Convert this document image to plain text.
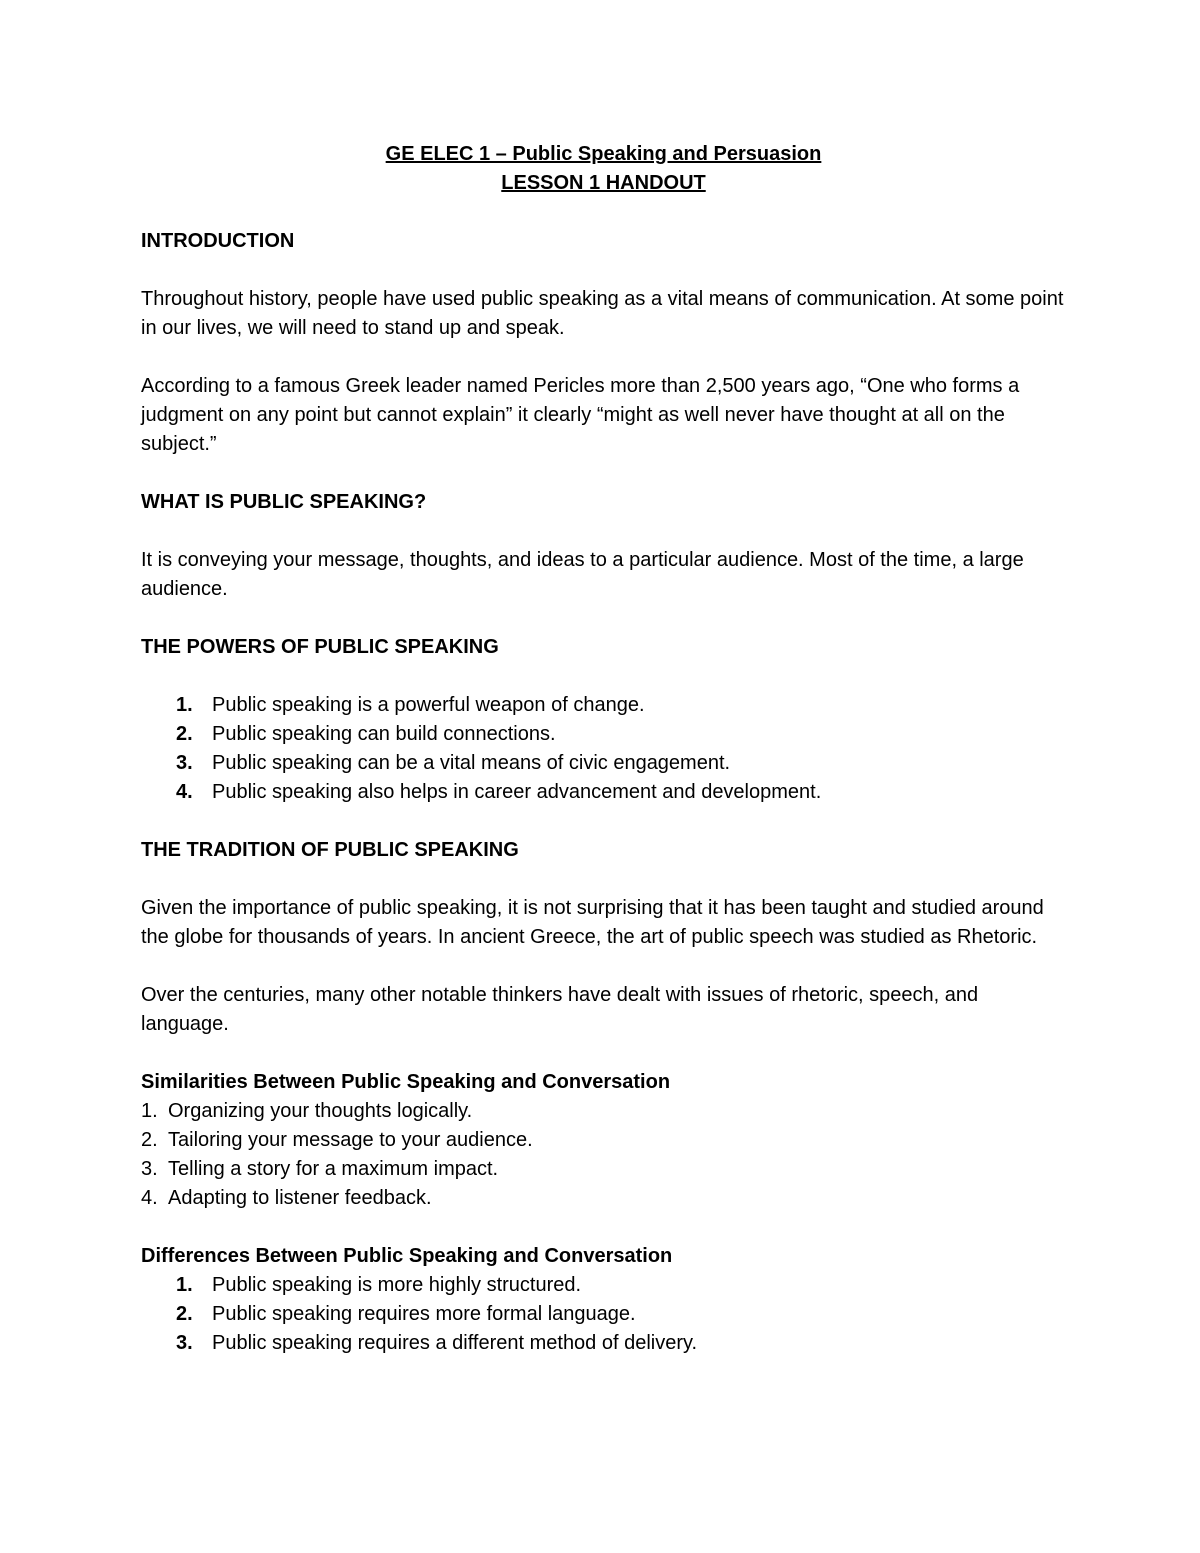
GE ELEC 1 – Public Speaking and Persuasion
LESSON 1 HANDOUT
INTRODUCTION

Throughout history, people have used public speaking as a vital means of communication. At some point in our lives, we will need to stand up and speak.

According to a famous Greek leader named Pericles more than 2,500 years ago, “One who forms a judgment on any point but cannot explain” it clearly “might as well never have thought at all on the subject.”

WHAT IS PUBLIC SPEAKING?

It is conveying your message, thoughts, and ideas to a particular audience. Most of the time, a large audience.

THE POWERS OF PUBLIC SPEAKING
1. Public speaking is a powerful weapon of change.
2. Public speaking can build connections.
3. Public speaking can be a vital means of civic engagement.
4. Public speaking also helps in career advancement and development.
THE TRADITION OF PUBLIC SPEAKING

Given the importance of public speaking, it is not surprising that it has been taught and studied around the globe for thousands of years. In ancient Greece, the art of public speech was studied as Rhetoric.

Over the centuries, many other notable thinkers have dealt with issues of rhetoric, speech, and language.

Similarities Between Public Speaking and Conversation
1. Organizing your thoughts logically.
2. Tailoring your message to your audience.
3. Telling a story for a maximum impact.
4. Adapting to listener feedback.
Differences Between Public Speaking and Conversation
1. Public speaking is more highly structured.
2. Public speaking requires more formal language.
3. Public speaking requires a different method of delivery.
